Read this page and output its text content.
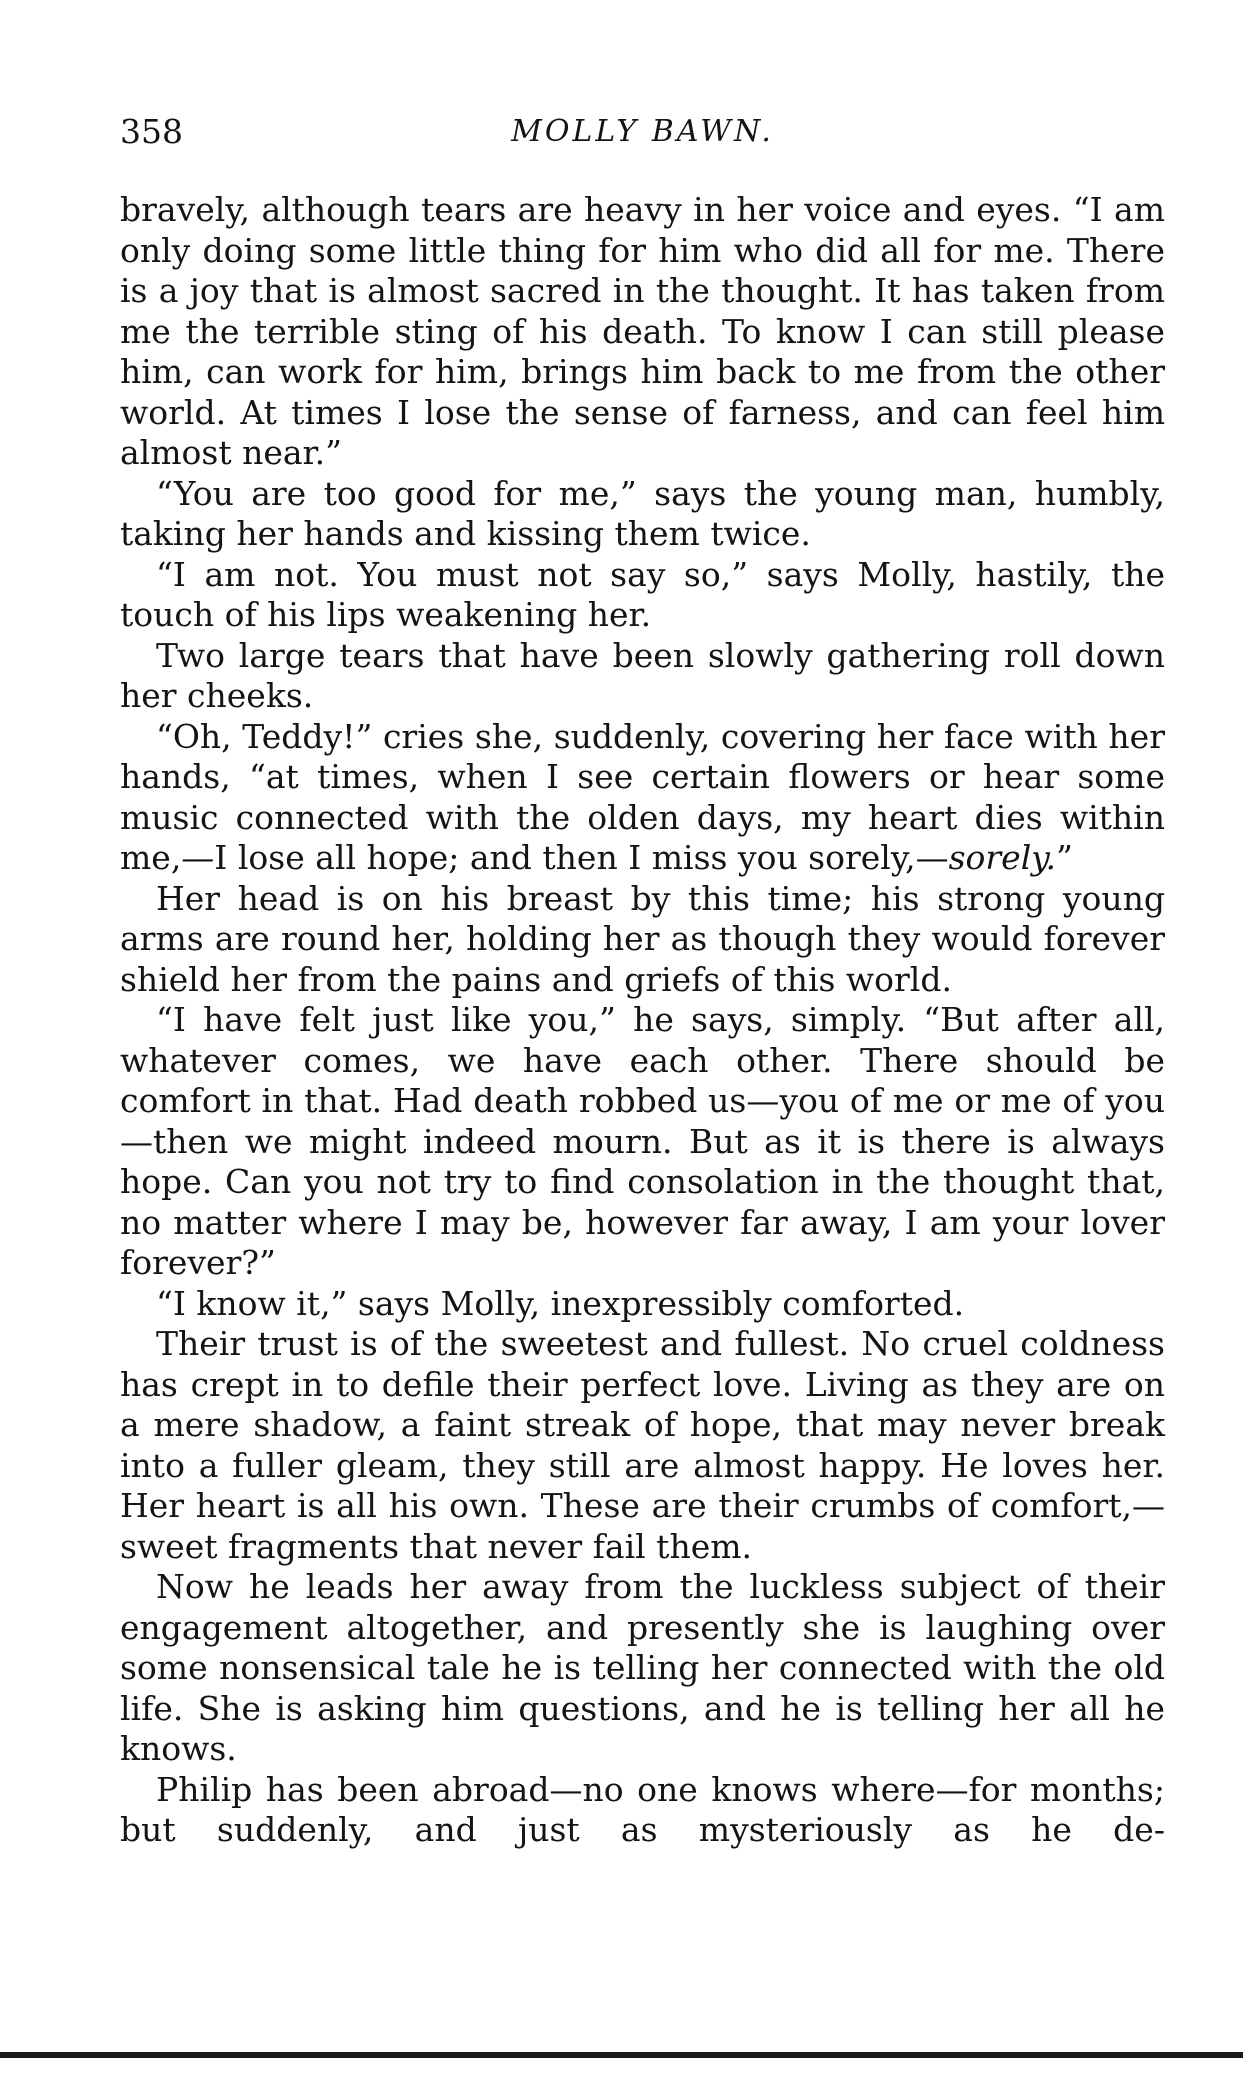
358	MOLLY BAWN.

bravely, although tears are heavy in her voice and eyes. “I am only doing some little thing for him who did all for me. There is a joy that is almost sacred in the thought. It has taken from me the terrible sting of his death. To know I can still please him, can work for him, brings him back to me from the other world. At times I lose the sense of farness, and can feel him almost near.”

“You are too good for me,” says the young man, humbly, taking her hands and kissing them twice.

“I am not. You must not say so,” says Molly, hastily, the touch of his lips weakening her.

Two large tears that have been slowly gathering roll down her cheeks.

“Oh, Teddy!” cries she, suddenly, covering her face with her hands, “at times, when I see certain flowers or hear some music connected with the olden days, my heart dies within me,—I lose all hope; and then I miss you sorely,—sorely.”

Her head is on his breast by this time; his strong young arms are round her, holding her as though they would forever shield her from the pains and griefs of this world.

“I have felt just like you,” he says, simply. “But after all, whatever comes, we have each other. There should be comfort in that. Had death robbed us—you of me or me of you—then we might indeed mourn. But as it is there is always hope. Can you not try to find consolation in the thought that, no matter where I may be, however far away, I am your lover forever?”

“I know it,” says Molly, inexpressibly comforted.

Their trust is of the sweetest and fullest. No cruel coldness has crept in to defile their perfect love. Living as they are on a mere shadow, a faint streak of hope, that may never break into a fuller gleam, they still are almost happy. He loves her. Her heart is all his own. These are their crumbs of comfort,—sweet fragments that never fail them.

Now he leads her away from the luckless subject of their engagement altogether, and presently she is laughing over some nonsensical tale he is telling her connected with the old life. She is asking him questions, and he is telling her all he knows.

Philip has been abroad—no one knows where—for months; but suddenly, and just as mysteriously as he de-
